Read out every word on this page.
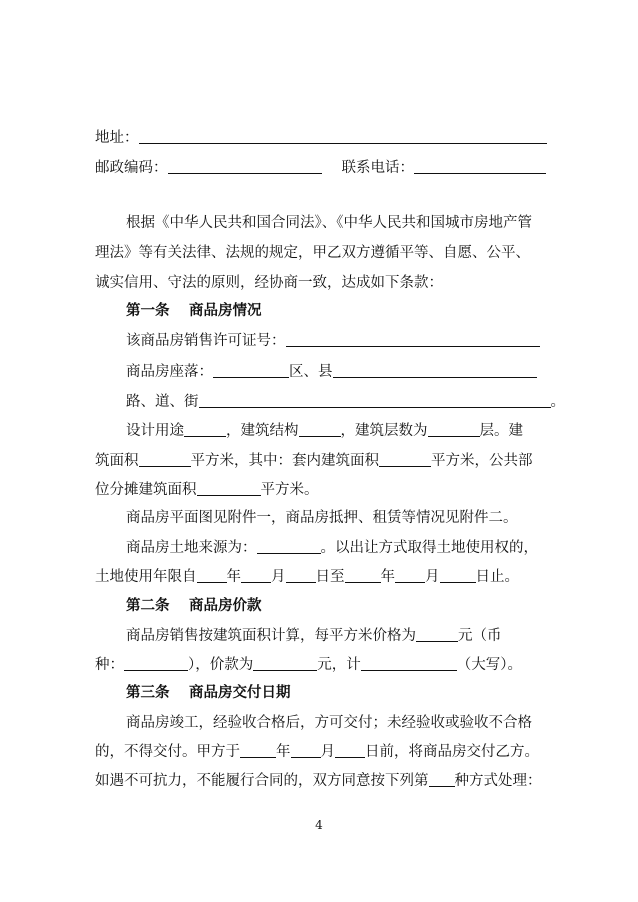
地址：
邮政编码：	联系电话：
根据《中华人民共和国合同法》、《中华人民共和国城市房地产管
理法》等有关法律、法规的规定，甲乙双方遵循平等、自愿、公平、
诚实信用、守法的原则，经协商一致，达成如下条款：
第一条　 商品房情况
该商品房销售许可证号：
商品房座落：	区、县
路、道、街	。
设计用途	，建筑结构	，建筑层数为	层。建
筑面积	平方米，其中：套内建筑面积	平方米，公共部
位分摊建筑面积	平方米。
商品房平面图见附件一，商品房抵押、租赁等情况见附件二。
商品房土地来源为：	。以出让方式取得土地使用权的，
土地使用年限自 年 月 日至 年 月 日止。
第二条　 商品房价款
商品房销售按建筑面积计算，每平方米价格为	元（币
种：	），价款为	元，计	（大写）。
第三条　 商品房交付日期
商品房竣工，经验收合格后，方可交付；未经验收或验收不合格
的，不得交付。甲方于 年 月 日前，将商品房交付乙方。
如遇不可抗力，不能履行合同的，双方同意按下列第 种方式处理：
4
